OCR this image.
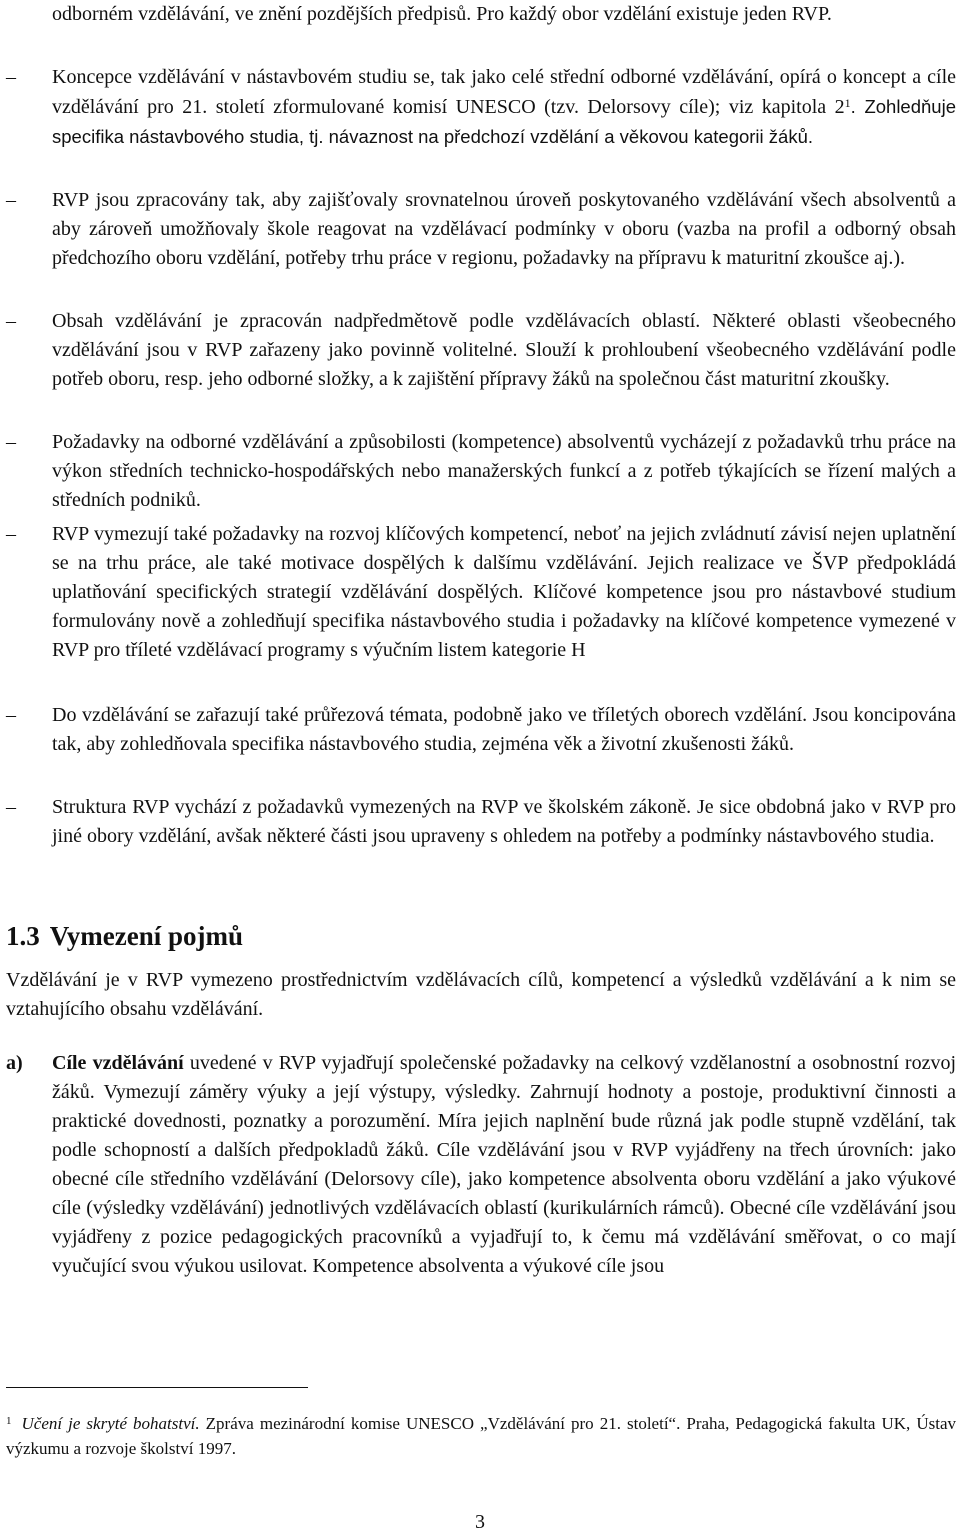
odborném vzdělávání, ve znění pozdějších předpisů. Pro každý obor vzdělání existuje jeden RVP.
–	Koncepce vzdělávání v nástavbovém studiu se, tak jako celé střední odborné vzdělávání, opírá o koncept a cíle vzdělávání pro 21. století zformulované komisí UNESCO (tzv. Delorsovy cíle); viz kapitola 2$^1$. Zohledňuje specifika nástavbového studia, tj. návaznost na předchozí vzdělání a věkovou kategorii žáků.
–	RVP jsou zpracovány tak, aby zajišťovaly srovnatelnou úroveň poskytovaného vzdělávání všech absolventů a aby zároveň umožňovaly škole reagovat na vzdělávací podmínky v oboru (vazba na profil a odborný obsah předchozího oboru vzdělání, potřeby trhu práce v regionu, požadavky na přípravu k maturitní zkoušce aj.).
–	Obsah vzdělávání je zpracován nadpředmětově podle vzdělávacích oblastí. Některé oblasti všeobecného vzdělávání jsou v RVP zařazeny jako povinně volitelné. Slouží k prohloubení všeobecného vzdělávání podle potřeb oboru, resp. jeho odborné složky, a k zajištění přípravy žáků na společnou část maturitní zkoušky.
–	Požadavky na odborné vzdělávání a způsobilosti (kompetence) absolventů vycházejí z požadavků trhu práce na výkon středních technicko-hospodářských nebo manažerských funkcí a z potřeb týkajících se řízení malých a středních podniků.
–	RVP vymezují také požadavky na rozvoj klíčových kompetencí, neboť na jejich zvládnutí závisí nejen uplatnění se na trhu práce, ale také motivace dospělých k dalšímu vzdělávání. Jejich realizace ve ŠVP předpokládá uplatňování specifických strategií vzdělávání dospělých. Klíčové kompetence jsou pro nástavbové studium formulovány nově a zohledňují specifika nástavbového studia i požadavky na klíčové kompetence vymezené v RVP pro tříleté vzdělávací programy s výučním listem kategorie H
–	Do vzdělávání se zařazují také průřezová témata, podobně jako ve tříletých oborech vzdělání. Jsou koncipována tak, aby zohledňovala specifika nástavbového studia, zejména věk a životní zkušenosti žáků.
–	Struktura RVP vychází z požadavků vymezených na RVP ve školském zákoně. Je sice obdobná jako v RVP pro jiné obory vzdělání, avšak některé části jsou upraveny s ohledem na potřeby a podmínky nástavbového studia.
1.3 Vymezení pojmů
Vzdělávání je v RVP vymezeno prostřednictvím vzdělávacích cílů, kompetencí a výsledků vzdělávání a k nim se vztahujícího obsahu vzdělávání.
a) Cíle vzdělávání uvedené v RVP vyjadřují společenské požadavky na celkový vzdělanostní a osobnostní rozvoj žáků. Vymezují záměry výuky a její výstupy, výsledky. Zahrnují hodnoty a postoje, produktivní činnosti a praktické dovednosti, poznatky a porozumění. Míra jejich naplnění bude různá jak podle stupně vzdělání, tak podle schopností a dalších předpokladů žáků. Cíle vzdělávání jsou v RVP vyjádřeny na třech úrovních: jako obecné cíle středního vzdělávání (Delorsovy cíle), jako kompetence absolventa oboru vzdělání a jako výukové cíle (výsledky vzdělávání) jednotlivých vzdělávacích oblastí (kurikulárních rámců). Obecné cíle vzdělávání jsou vyjádřeny z pozice pedagogických pracovníků a vyjadřují to, k čemu má vzdělávání směřovat, o co mají vyučující svou výukou usilovat. Kompetence absolventa a výukové cíle jsou
$^1$ Učení je skryté bohatství. Zpráva mezinárodní komise UNESCO „Vzdělávání pro 21. století“. Praha, Pedagogická fakulta UK, Ústav výzkumu a rozvoje školství 1997.
3
